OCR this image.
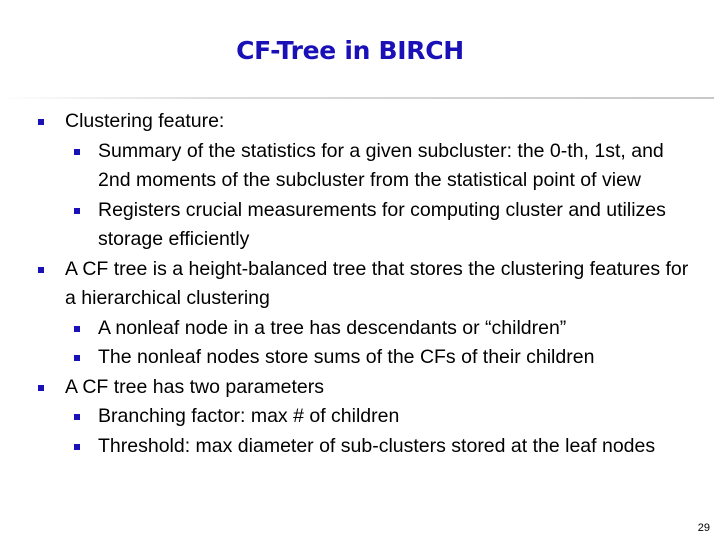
CF-Tree in BIRCH
Clustering feature:
Summary of the statistics for a given subcluster: the 0-th, 1st, and 2nd moments of the subcluster from the statistical point of view
Registers crucial measurements for computing cluster and utilizes storage efficiently
A CF tree is a height-balanced tree that stores the clustering features for a hierarchical clustering
A nonleaf node in a tree has descendants or “children”
The nonleaf nodes store sums of the CFs of their children
A CF tree has two parameters
Branching factor: max # of children
Threshold: max diameter of sub-clusters stored at the leaf nodes
29
